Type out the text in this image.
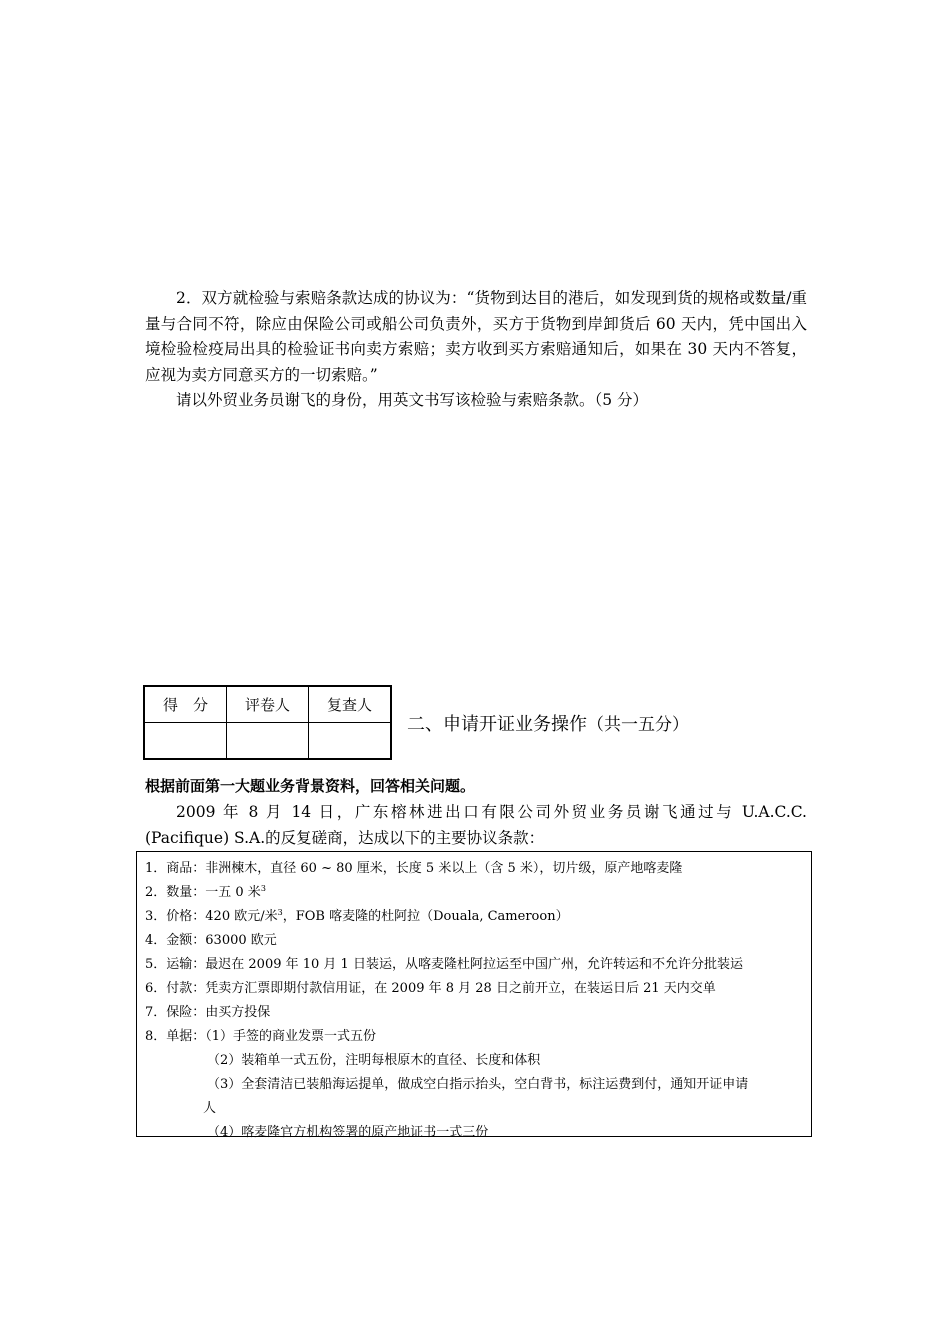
2．双方就检验与索赔条款达成的协议为：“货物到达目的港后，如发现到货的规格或数量/重量与合同不符，除应由保险公司或船公司负责外，买方于货物到岸卸货后 60 天内，凭中国出入境检验检疫局出具的检验证书向卖方索赔；卖方收到买方索赔通知后，如果在 30 天内不答复，应视为卖方同意买方的一切索赔。”

请以外贸业务员谢飞的身份，用英文书写该检验与索赔条款。（5 分）

得　分	评卷人	复查人

二、申请开证业务操作（共一五分）
根据前面第一大题业务背景资料，回答相关问题。
2009 年 8 月 14 日，广东榕林进出口有限公司外贸业务员谢飞通过与 U.A.C.C.
(Pacifique) S.A.的反复磋商，达成以下的主要协议条款：
1．商品：非洲楝木，直径 60 ~ 80 厘米，长度 5 米以上（含 5 米），切片级，原产地喀麦隆
2．数量：一五 0 米$^3$
3．价格：420 欧元/米$^3$，FOB 喀麦隆的杜阿拉（Douala, Cameroon）
4．金额：63000 欧元
5．运输：最迟在 2009 年 10 月 1 日装运，从喀麦隆杜阿拉运至中国广州，允许转运和不允许分批装运
6．付款：凭卖方汇票即期付款信用证，在 2009 年 8 月 28 日之前开立，在装运日后 21 天内交单
7．保险：由买方投保
8．单据：（1）手签的商业发票一式五份
（2）装箱单一式五份，注明每根原木的直径、长度和体积
（3）全套清洁已装船海运提单，做成空白指示抬头，空白背书，标注运费到付，通知开证申请
人
（4）喀麦隆官方机构签署的原产地证书一式三份
